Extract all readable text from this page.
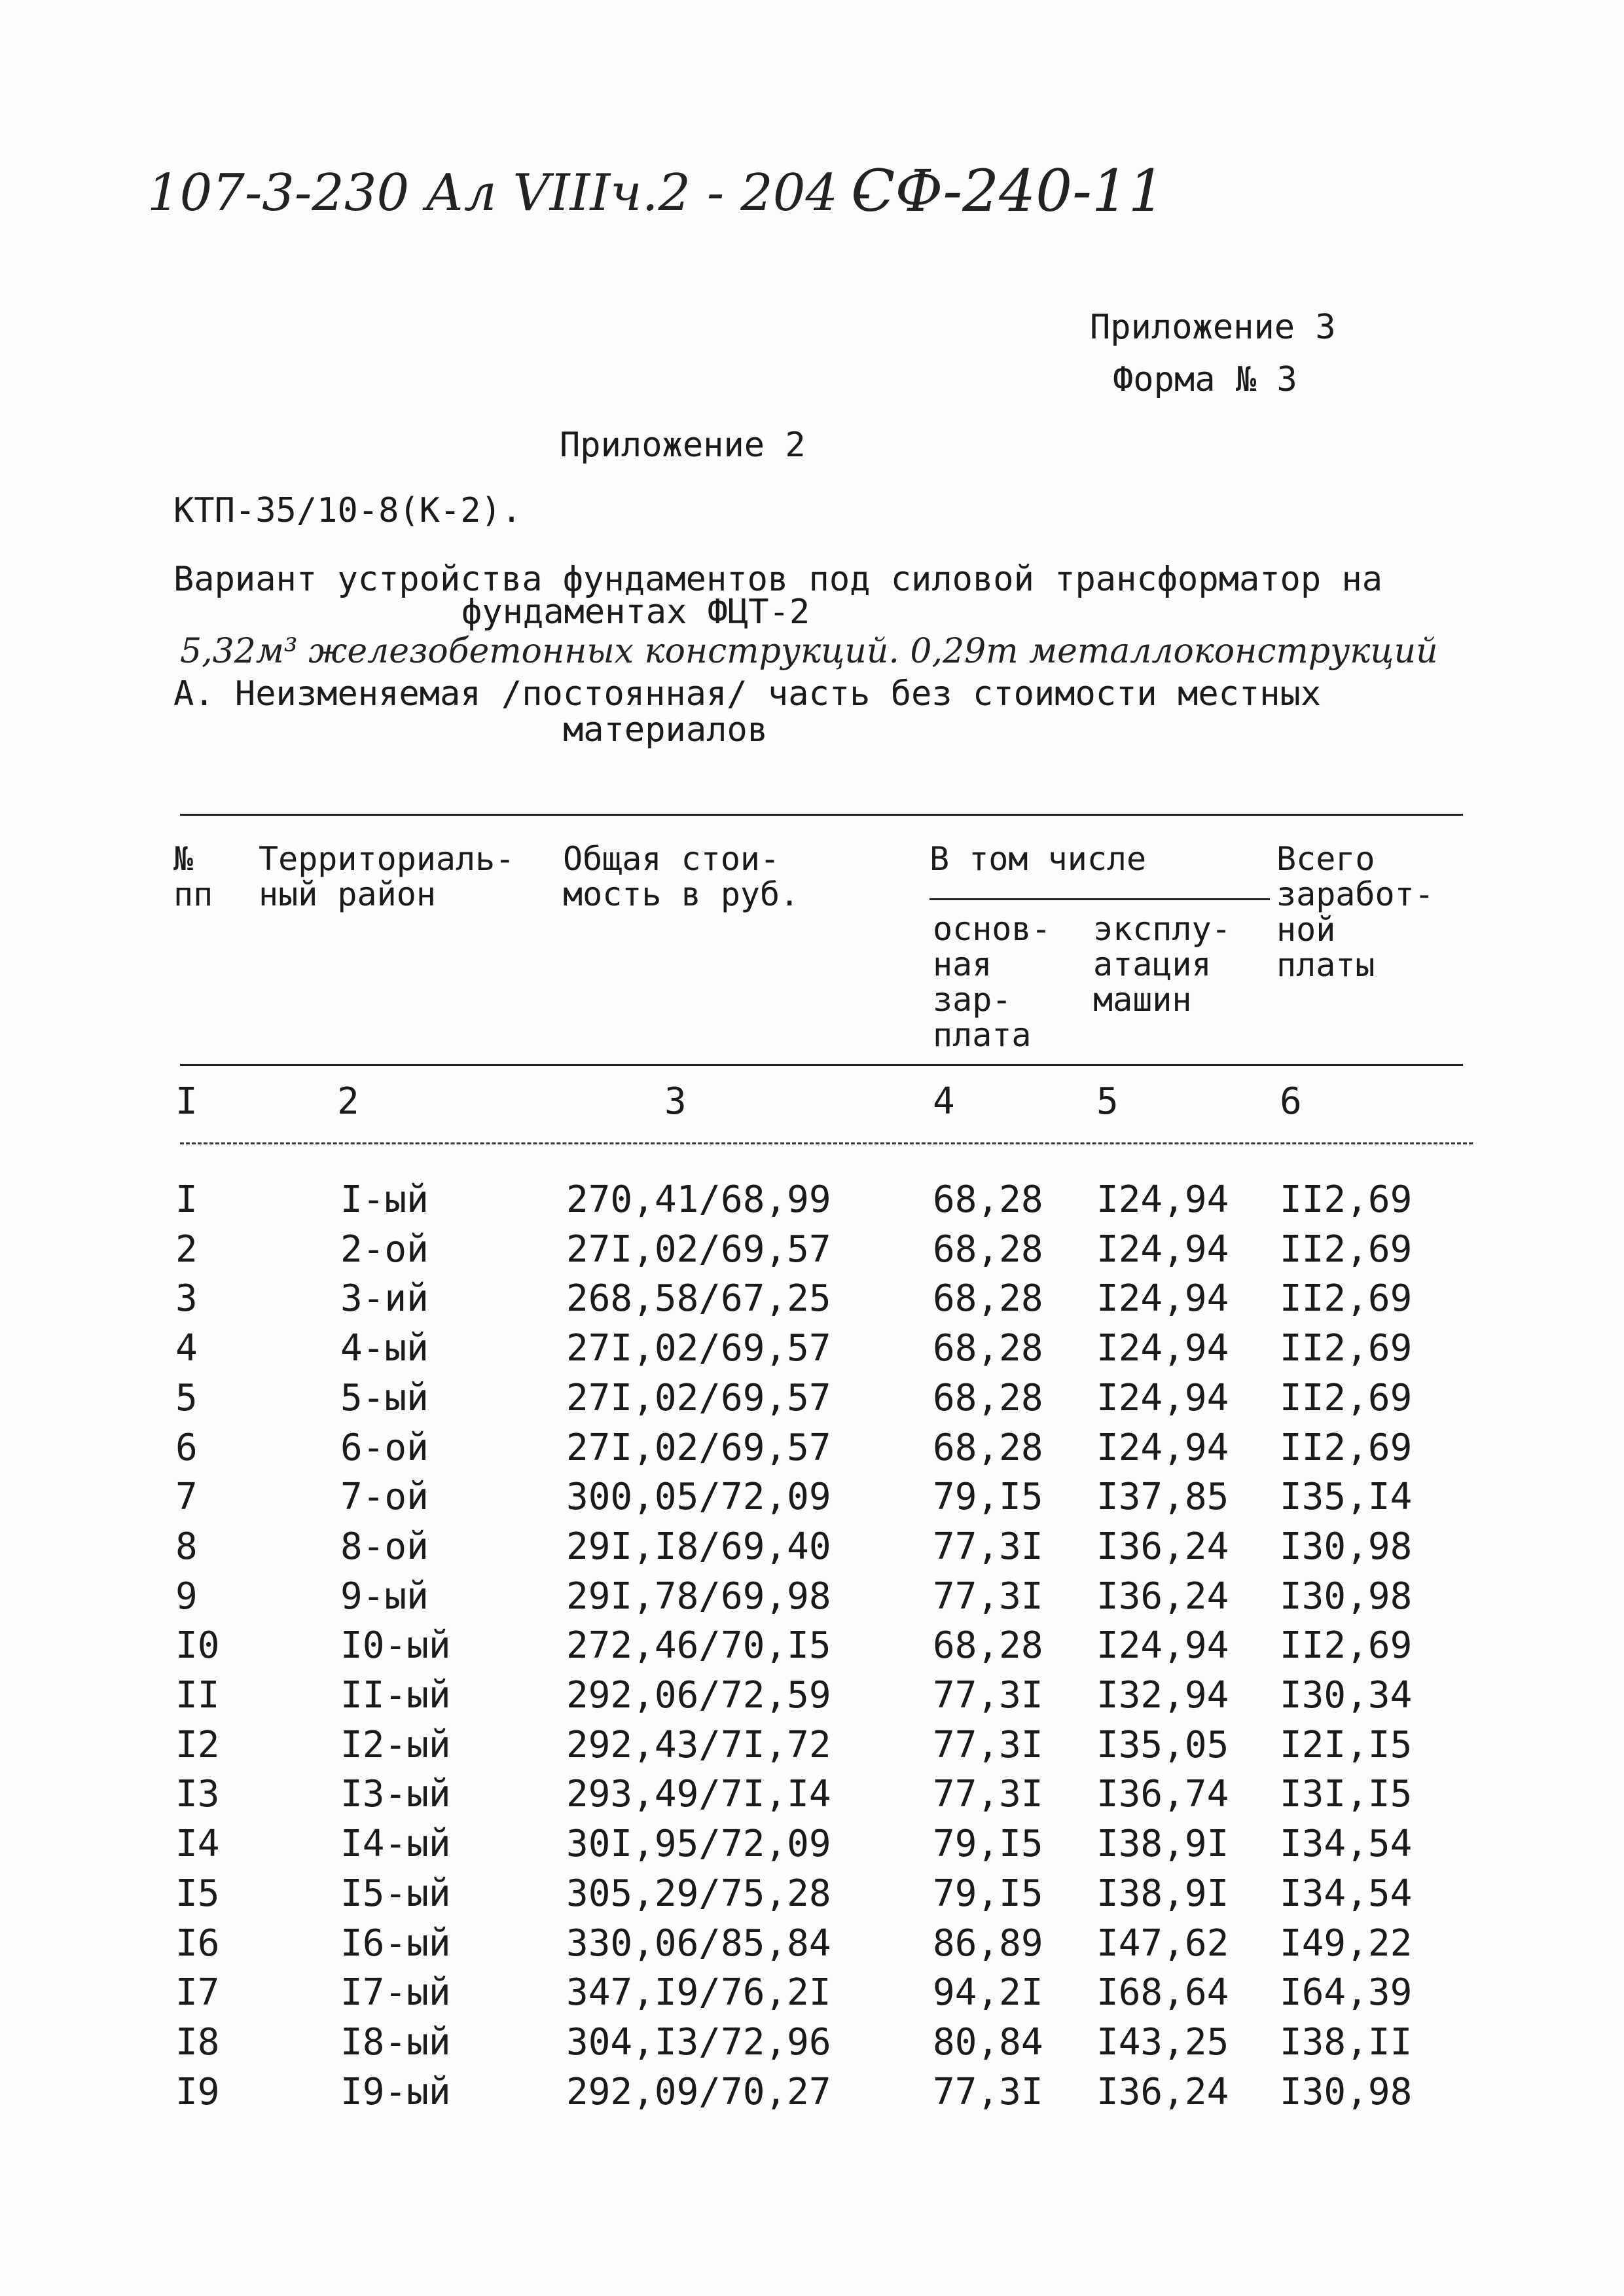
107-3-230 Ал VIIIч.2 - 204 -
СФ-240-11
Приложение 3
Форма № 3
Приложение 2
КТП-35/10-8(К-2).
Вариант устройства фундаментов под силовой трансформатор на
фундаментах ФЦТ-2
5,32м³ железобетонных конструкций. 0,29т металлоконструкций
А. Неизменяемая /постоянная/ часть без стоимости местных
материалов
№
пп
Территориаль-
ный район
Общая стои-
мость в руб.
В том числе
основ-
ная
зар-
плата
эксплу-
атация
машин
Всего
заработ-
ной
платы
I	2	3	4	5	6
I	I-ый	270,41/68,99	68,28 I24,94 II2,69
2	2-ой	27I,02/69,57	68,28 I24,94 II2,69
3	3-ий	268,58/67,25	68,28 I24,94 II2,69
4	4-ый	27I,02/69,57	68,28 I24,94 II2,69
5	5-ый	27I,02/69,57	68,28 I24,94 II2,69
6	6-ой	27I,02/69,57	68,28 I24,94 II2,69
7	7-ой	300,05/72,09	79,I5 I37,85 I35,I4
8	8-ой	29I,I8/69,40	77,3I I36,24 I30,98
9	9-ый	29I,78/69,98	77,3I I36,24 I30,98
I0	I0-ый	272,46/70,I5	68,28 I24,94 II2,69
II	II-ый	292,06/72,59	77,3I I32,94 I30,34
I2	I2-ый	292,43/7I,72	77,3I I35,05 I2I,I5
I3	I3-ый	293,49/7I,I4	77,3I I36,74 I3I,I5
I4	I4-ый	30I,95/72,09	79,I5 I38,9I I34,54
I5	I5-ый	305,29/75,28	79,I5 I38,9I I34,54
I6	I6-ый	330,06/85,84	86,89 I47,62 I49,22
I7	I7-ый	347,I9/76,2I	94,2I I68,64 I64,39
I8	I8-ый	304,I3/72,96	80,84 I43,25 I38,II
I9	I9-ый	292,09/70,27	77,3I I36,24 I30,98
